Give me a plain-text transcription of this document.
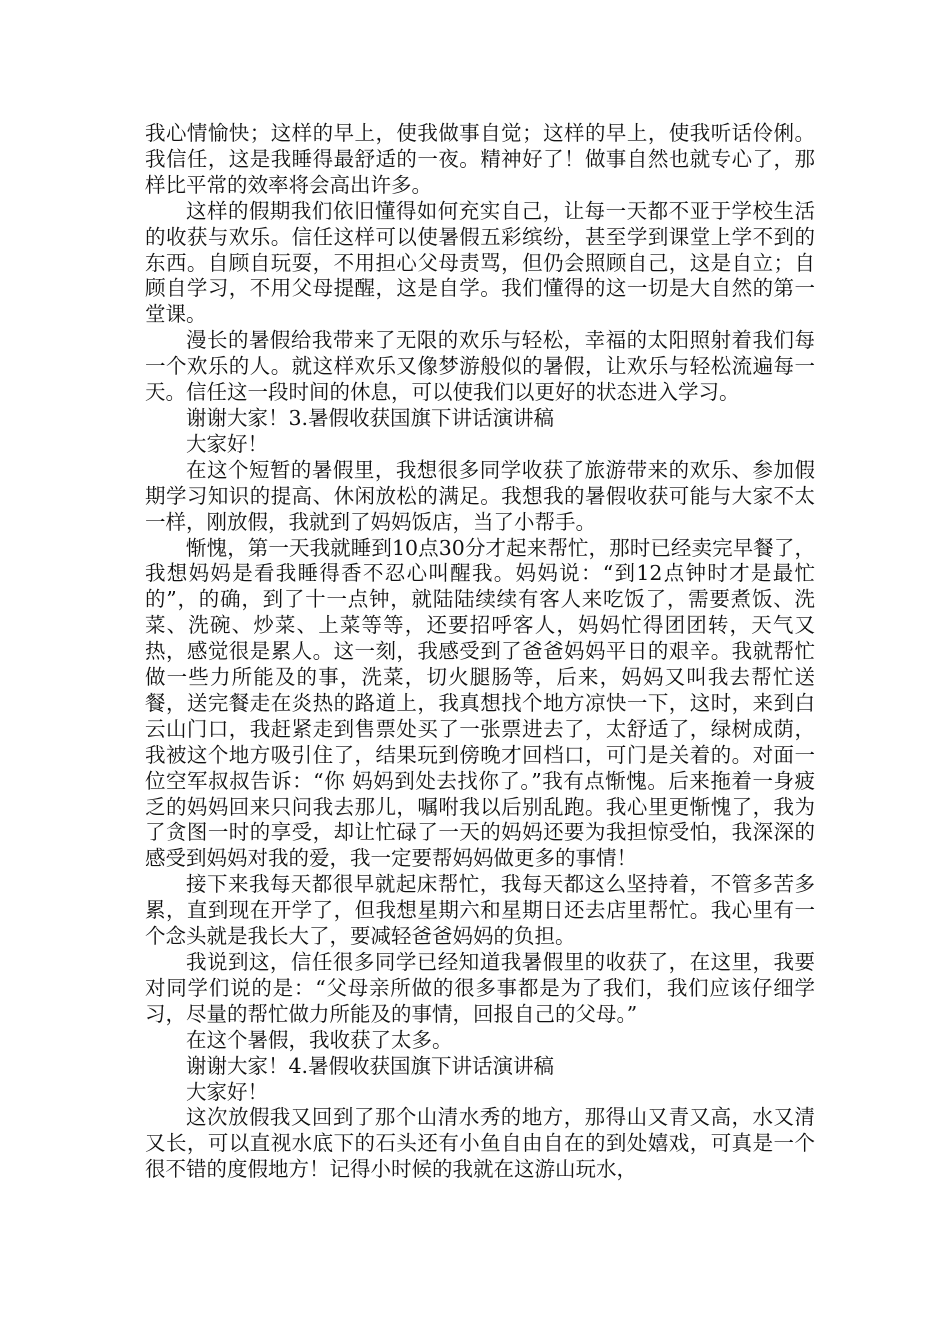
我心情愉快；这样的早上，使我做事自觉；这样的早上，使我听话伶俐。我信任，这是我睡得最舒适的一夜。精神好了！做事自然也就专心了，那样比平常的效率将会高出许多。

这样的假期我们依旧懂得如何充实自己，让每一天都不亚于学校生活的收获与欢乐。信任这样可以使暑假五彩缤纷，甚至学到课堂上学不到的东西。自顾自玩耍，不用担心父母责骂，但仍会照顾自己，这是自立；自顾自学习，不用父母提醒，这是自学。我们懂得的这一切是大自然的第一堂课。

漫长的暑假给我带来了无限的欢乐与轻松，幸福的太阳照射着我们每一个欢乐的人。就这样欢乐又像梦游般似的暑假，让欢乐与轻松流遍每一天。信任这一段时间的休息，可以使我们以更好的状态进入学习。

谢谢大家！3.暑假收获国旗下讲话演讲稿

大家好！

在这个短暂的暑假里，我想很多同学收获了旅游带来的欢乐、参加假期学习知识的提高、休闲放松的满足。我想我的暑假收获可能与大家不太一样，刚放假，我就到了妈妈饭店，当了小帮手。

惭愧，第一天我就睡到10点30分才起来帮忙，那时已经卖完早餐了，我想妈妈是看我睡得香不忍心叫醒我。妈妈说：“到12点钟时才是最忙的”，的确，到了十一点钟，就陆陆续续有客人来吃饭了，需要煮饭、洗菜、洗碗、炒菜、上菜等等，还要招呼客人，妈妈忙得团团转，天气又热，感觉很是累人。这一刻，我感受到了爸爸妈妈平日的艰辛。我就帮忙做一些力所能及的事，洗菜，切火腿肠等，后来，妈妈又叫我去帮忙送餐，送完餐走在炎热的路道上，我真想找个地方凉快一下，这时，来到白云山门口，我赶紧走到售票处买了一张票进去了，太舒适了，绿树成荫，我被这个地方吸引住了，结果玩到傍晚才回档口，可门是关着的。对面一位空军叔叔告诉：“你 妈妈到处去找你了。”我有点惭愧。后来拖着一身疲乏的妈妈回来只问我去那儿，嘱咐我以后别乱跑。我心里更惭愧了，我为了贪图一时的享受，却让忙碌了一天的妈妈还要为我担惊受怕，我深深的感受到妈妈对我的爱，我一定要帮妈妈做更多的事情！

接下来我每天都很早就起床帮忙，我每天都这么坚持着，不管多苦多累，直到现在开学了，但我想星期六和星期日还去店里帮忙。我心里有一个念头就是我长大了，要减轻爸爸妈妈的负担。

我说到这，信任很多同学已经知道我暑假里的收获了，在这里，我要对同学们说的是：“父母亲所做的很多事都是为了我们，我们应该仔细学习，尽量的帮忙做力所能及的事情，回报自己的父母。”

在这个暑假，我收获了太多。

谢谢大家！4.暑假收获国旗下讲话演讲稿

大家好！

这次放假我又回到了那个山清水秀的地方，那得山又青又高，水又清又长，可以直视水底下的石头还有小鱼自由自在的到处嬉戏，可真是一个很不错的度假地方！记得小时候的我就在这游山玩水，
